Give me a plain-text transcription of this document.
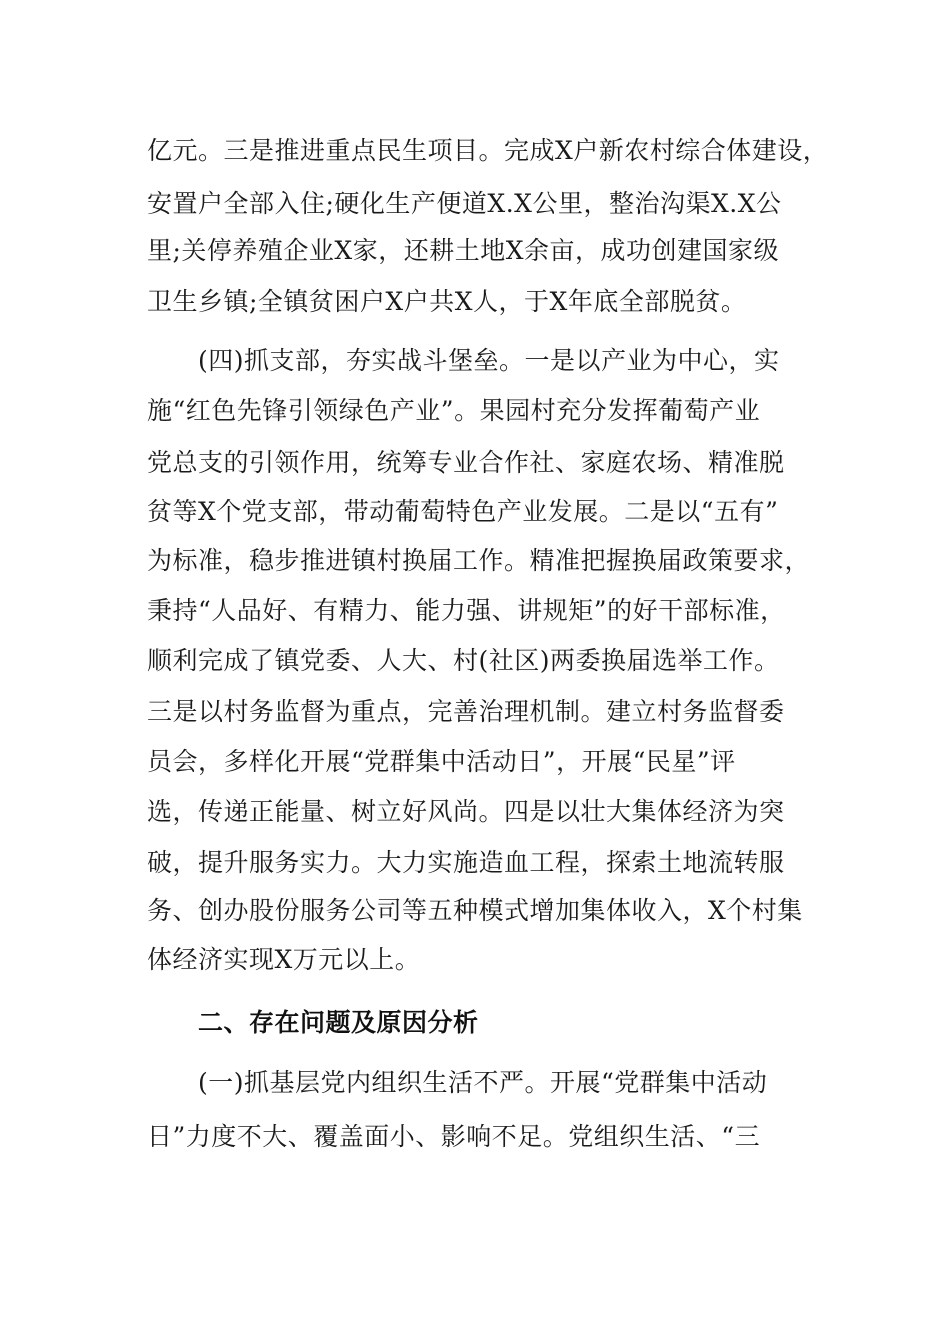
亿元。三是推进重点民生项目。完成X户新农村综合体建设，
安置户全部入住;硬化生产便道X.X公里，整治沟渠X.X公
里;关停养殖企业X家，还耕土地X余亩，成功创建国家级
卫生乡镇;全镇贫困户X户共X人，于X年底全部脱贫。
(四)抓支部，夯实战斗堡垒。一是以产业为中心，实
施“红色先锋引领绿色产业”。果园村充分发挥葡萄产业
党总支的引领作用，统筹专业合作社、家庭农场、精准脱
贫等X个党支部，带动葡萄特色产业发展。二是以“五有”
为标准，稳步推进镇村换届工作。精准把握换届政策要求，
秉持“人品好、有精力、能力强、讲规矩”的好干部标准，
顺利完成了镇党委、人大、村(社区)两委换届选举工作。
三是以村务监督为重点，完善治理机制。建立村务监督委
员会，多样化开展“党群集中活动日”，开展“民星”评
选，传递正能量、树立好风尚。四是以壮大集体经济为突
破，提升服务实力。大力实施造血工程，探索土地流转服
务、创办股份服务公司等五种模式增加集体收入，X个村集
体经济实现X万元以上。
二、存在问题及原因分析
(一)抓基层党内组织生活不严。开展“党群集中活动
日”力度不大、覆盖面小、影响不足。党组织生活、“三
